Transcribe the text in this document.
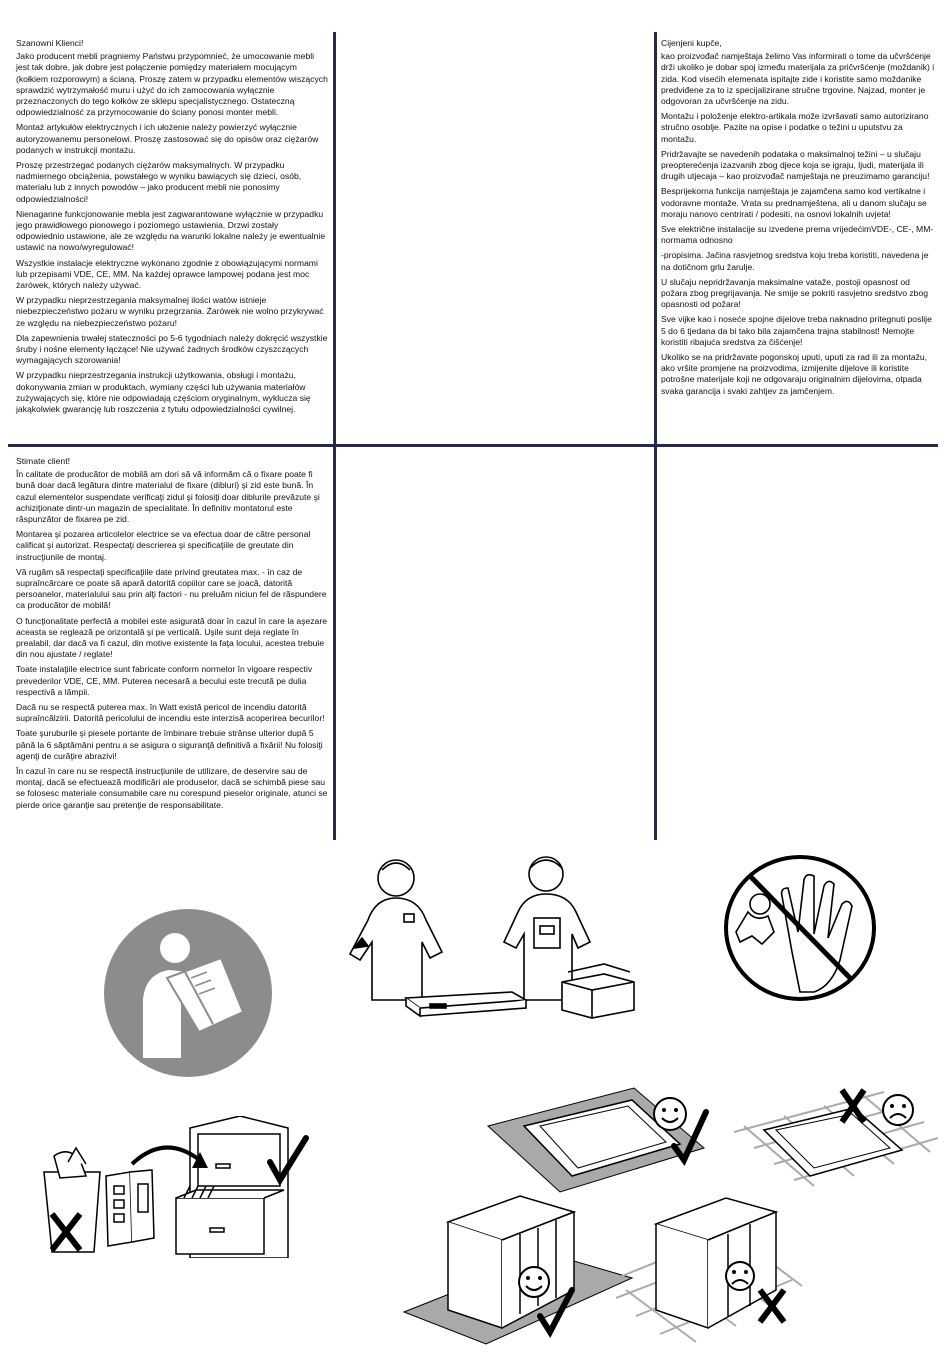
Szanowni Klienci!

Jako producent mebli pragniemy Państwu przypomnieć, że umocowanie mebli jest tak dobre, jak dobre jest połączenie pomiędzy materiałem mocującym (kołkiem rozporowym) a ścianą. Proszę zatem w przypadku elementów wiszących sprawdzić wytrzymałość muru i użyć do ich zamocowania wyłącznie przeznaczonych do tego kołków ze sklepu specjalistycznego. Ostateczną odpowiedzialność za przymocowanie do ściany ponosi monter mebli.

Montaż artykułów elektrycznych i ich ułożenie należy powierzyć wyłącznie autoryzowanemu personelowi. Proszę zastosować się do opisów oraz ciężarów podanych w instrukcji montażu.

Proszę przestrzegać podanych ciężarów maksymalnych. W przypadku nadmiernego obciążenia, powstałego w wyniku bawiących się dzieci, osób, materiału lub z innych powodów – jako producent mebli nie ponosimy odpowiedzialności!

Nienaganne funkcjonowanie mebla jest zagwarantowane wyłącznie w przypadku jego prawidłowego pionowego i poziomego ustawienia. Drzwi zostały odpowiednio ustawione, ale ze względu na warunki lokalne należy je ewentualnie ustawić na nowo/wyregulować!

Wszystkie instalacje elektryczne wykonano zgodnie z obowiązującymi normami lub przepisami VDE, CE, MM. Na każdej oprawce lampowej podana jest moc żarówek, których należy używać.

W przypadku nieprzestrzegania maksymalnej ilości watów istnieje niebezpieczeństwo pożaru w wyniku przegrzania. Żarówek nie wolno przykrywać ze względu na niebezpieczeństwo pożaru!

Dla zapewnienia trwałej stateczności po 5-6 tygodniach należy dokręcić wszystkie śruby i nośne elementy łączące! Nie używać żadnych środków czyszczących wymagających szorowania!

W przypadku nieprzestrzegania instrukcji użytkowania, obsługi i montażu, dokonywania zmian w produktach, wymiany części lub używania materiałów zużywających się, które nie odpowiadają częściom oryginalnym, wyklucza się jakąkolwiek gwarancję lub roszczenia z tytułu odpowiedzialności cywilnej.

Cijenjeni kupče,

kao proizvođač namještaja želimo Vas informirati o tome da učvršćenje drži ukoliko je dobar spoj između materijala za pričvršćenje (moždanik) i zida. Kod visećih elemenata ispitajte zide i koristite samo moždanike predviđene za to iz specijalizirane stručne trgovine. Najzad, monter je odgovoran za učvršćenje na zidu.

Montažu i položenje elektro-artikala može izvršavati samo autorizirano stručno osoblje. Pazite na opise i podatke o težini u uputstvu za montažu.

Pridržavajte se navedenih podataka o maksimalnoj težini – u slučaju preopterećenja izazvanih zbog djece koja se igraju, ljudi, materijala ili drugih utjecaja – kao proizvođač namještaja ne preuzimamo garanciju!

Besprijekorna funkcija namještaja je zajamčena samo kod vertikalne i vodoravne montaže. Vrata su prednamještena, ali u danom slučaju se moraju nanovo centrirati / podesiti, na osnovi lokalnih uvjeta!

Sve električne instalacije su izvedene prema vrijedećimVDE-, CE-, MM-normama odnosno

-propisima. Jačina rasvjetnog sredstva koju treba koristiti, navedena je na dotičnom grlu žarulje.

U slučaju nepridržavanja maksimalne vataže, postoji opasnost od požara zbog pregrijavanja. Ne smije se pokriti rasvjetno sredstvo zbog opasnosti od požara!

Sve vijke kao i noseće spojne dijelove treba naknadno pritegnuti poslije 5 do 6 tjedana da bi tako bila zajamčena trajna stabilnost! Nemojte koristiti ribajuća sredstva za čišćenje!

Ukoliko se na pridržavate pogonskoj uputi, uputi za rad ili za montažu, ako vršite promjene na proizvodima, izmijenite dijelove ili koristite potrošne materijale koji ne odgovaraju originalnim dijelovima, otpada svaka garancija i svaki zahtjev za jamčenjem.

Stimate client!

În calitate de producător de mobilă am dori să vă informăm că o fixare poate fi bună doar dacă legătura dintre materialul de fixare (dibluri) şi zid este bună. În cazul elementelor suspendate verificaţi zidul şi folosiţi doar diblurile prevăzute şi achiziţionate dintr-un magazin de specialitate. În definitiv montatorul este răspunzător de fixarea pe zid.

Montarea şi pozarea articolelor electrice se va efectua doar de către personal calificat şi autorizat. Respectaţi descrierea şi specificaţiile de greutate din instrucţiunile de montaj.

Vă rugăm să respectaţi specificaţiile date privind greutatea max. - în caz de supraîncărcare ce poate să apară datorită copiilor care se joacă, datorită persoanelor, materialului sau prin alţi factori - nu preluăm niciun fel de răspundere ca producător de mobilă!

O funcţionalitate perfectă a mobilei este asigurată doar în cazul în care la aşezare aceasta se reglează pe orizontală şi pe verticală. Uşile sunt deja reglate în prealabil, dar dacă va fi cazul, din motive existente la faţa locului, acestea trebuie din nou ajustate / reglate!

Toate instalaţiile electrice sunt fabricate conform normelor în vigoare respectiv prevederilor VDE, CE, MM. Puterea necesară a becului este trecută pe dulia respectivă a lămpii.

Dacă nu se respectă puterea max. în Watt există pericol de incendiu datorită supraîncălzirii. Datorită pericolului de incendiu este interzisă acoperirea becurilor!

Toate şuruburile şi piesele portante de îmbinare trebuie strânse ulterior după 5 până la 6 săptămâni pentru a se asigura o siguranţă definitivă a fixării! Nu folosiţi agenţi de curăţire abrazivi!

În cazul în care nu se respectă instrucţiunile de utilizare, de deservire sau de montaj, dacă se efectuează modificări ale produselor, dacă se schimbă piese sau se folosesc materiale consumabile care nu corespund pieselor originale, atunci se pierde orice garanţie sau pretenţie de responsabilitate.
